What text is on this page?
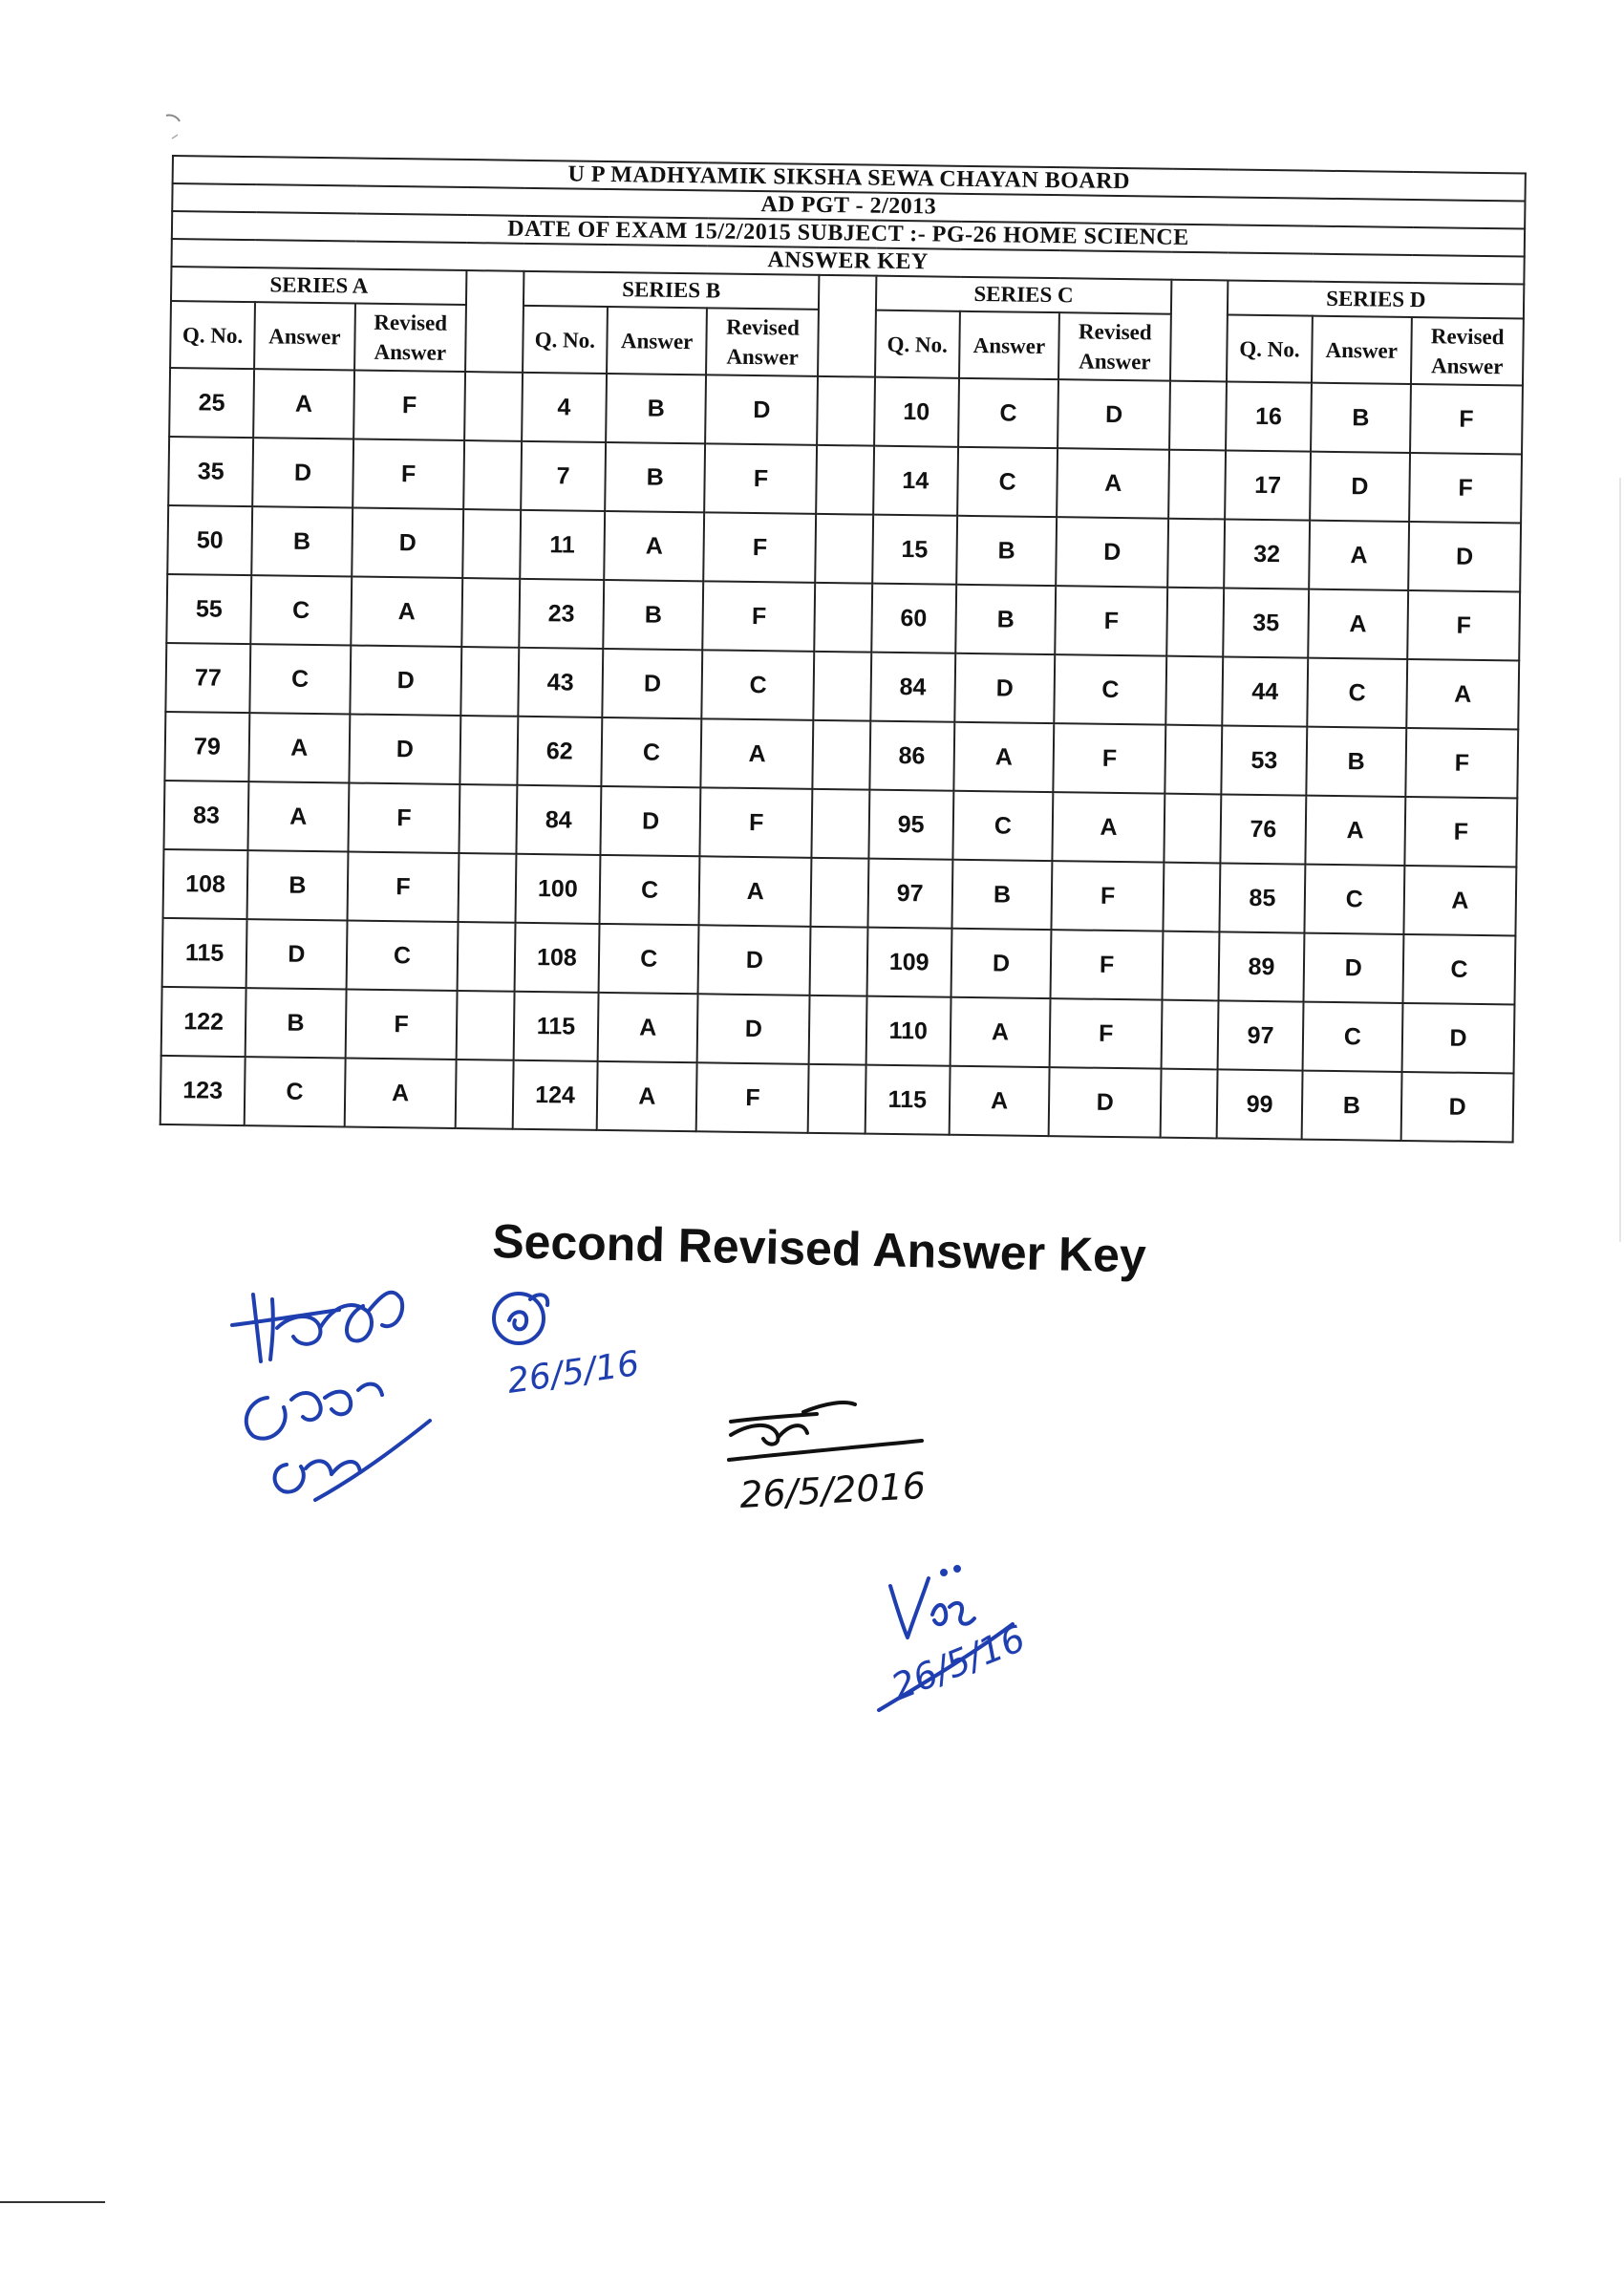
U P MADHYAMIK SIKSHA SEWA CHAYAN BOARD														
AD PGT - 2/2013														
DATE OF EXAM 15/2/2015 SUBJECT :- PG-26 HOME SCIENCE														
ANSWER KEY														
SERIES A				SERIES B				SERIES C				SERIES D		
Q. No.	Answer	Revised
Answer		Q. No.	Answer	Revised
Answer		Q. No.	Answer	Revised
Answer		Q. No.	Answer	Revised
Answer
25	A	F		4	B	D		10	C	D		16	B	F
35	D	F		7	B	F		14	C	A		17	D	F
50	B	D		11	A	F		15	B	D		32	A	D
55	C	A		23	B	F		60	B	F		35	A	F
77	C	D		43	D	C		84	D	C		44	C	A
79	A	D		62	C	A		86	A	F		53	B	F
83	A	F		84	D	F		95	C	A		76	A	F
108	B	F		100	C	A		97	B	F		85	C	A
115	D	C		108	C	D		109	D	F		89	D	C
122	B	F		115	A	D		110	A	F		97	C	D
123	C	A		124	A	F		115	A	D		99	B	D
Second Revised Answer Key
26/5/16
26/5/2016
26/5/16
